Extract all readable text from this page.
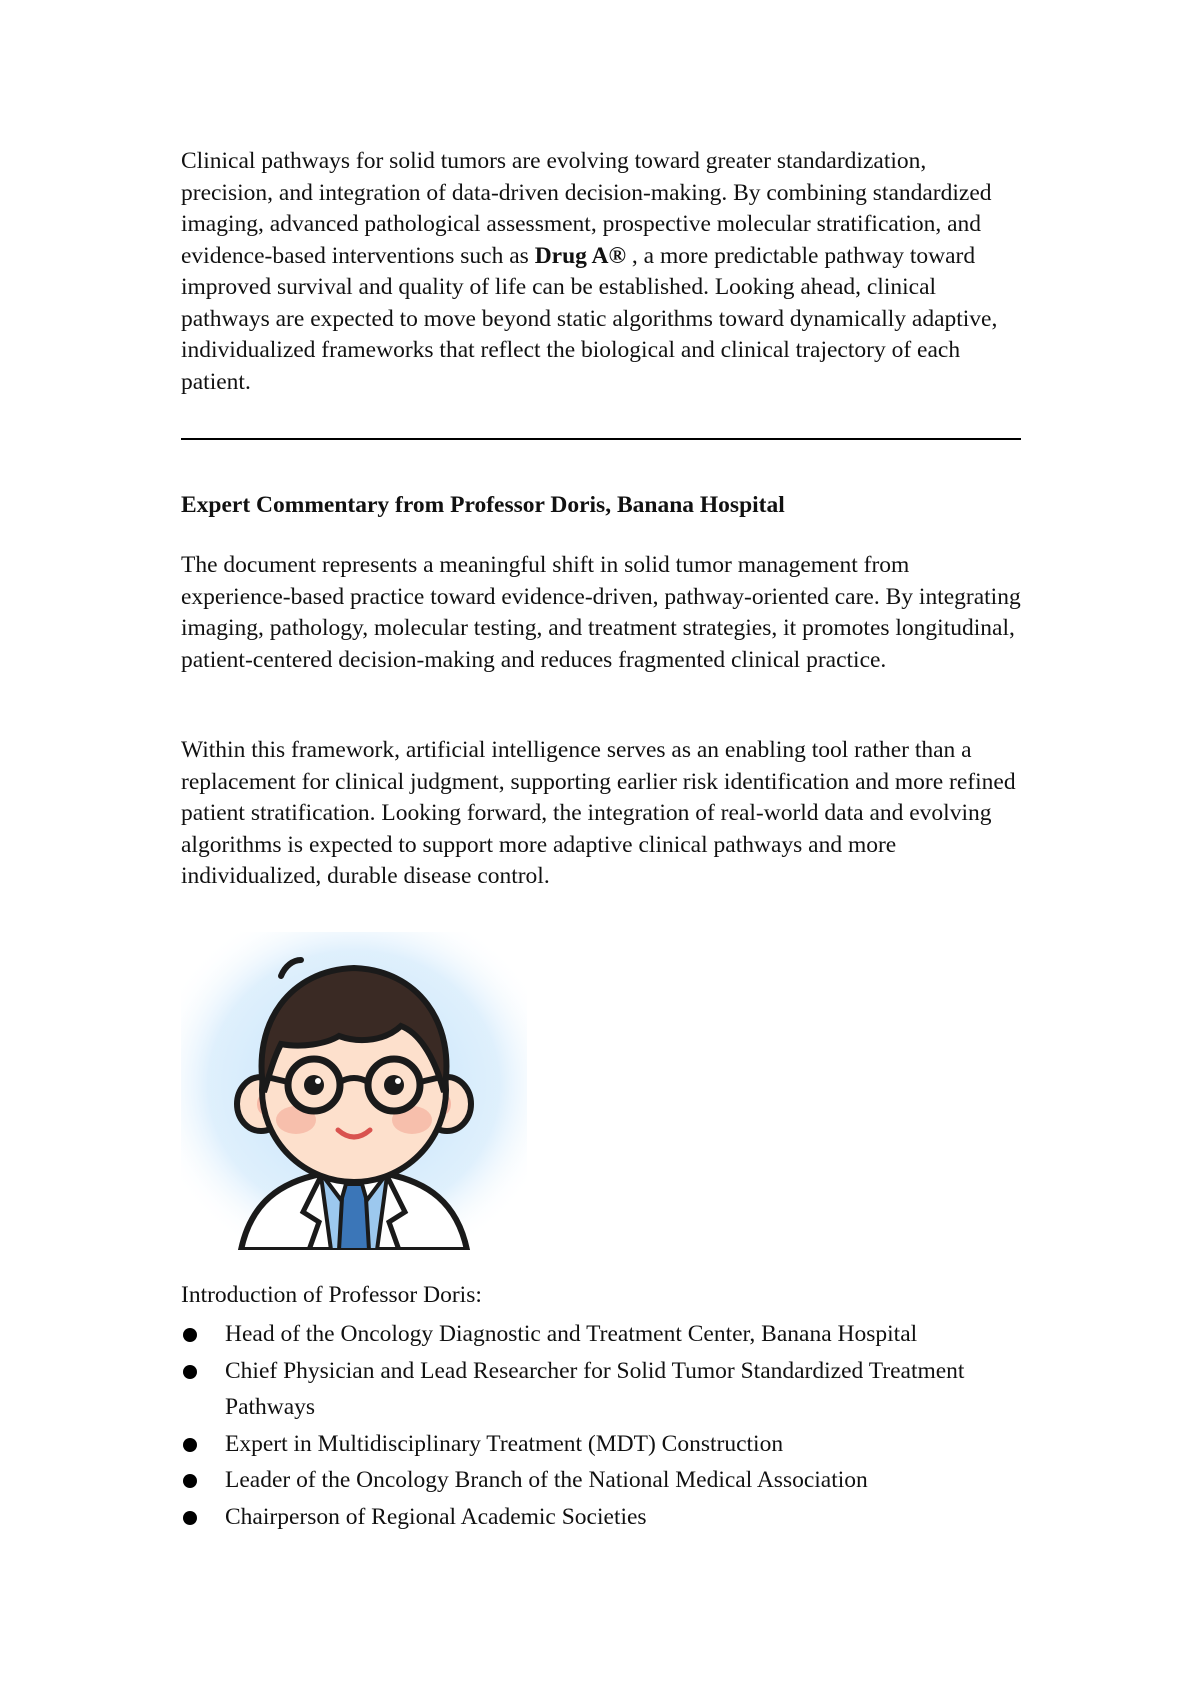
Clinical pathways for solid tumors are evolving toward greater standardization, precision, and integration of data-driven decision-making. By combining standardized imaging, advanced pathological assessment, prospective molecular stratification, and evidence-based interventions such as Drug A® , a more predictable pathway toward improved survival and quality of life can be established. Looking ahead, clinical pathways are expected to move beyond static algorithms toward dynamically adaptive, individualized frameworks that reflect the biological and clinical trajectory of each patient.

Expert Commentary from Professor Doris, Banana Hospital

The document represents a meaningful shift in solid tumor management from experience-based practice toward evidence-driven, pathway-oriented care. By integrating imaging, pathology, molecular testing, and treatment strategies, it promotes longitudinal, patient-centered decision-making and reduces fragmented clinical practice.

Within this framework, artificial intelligence serves as an enabling tool rather than a replacement for clinical judgment, supporting earlier risk identification and more refined patient stratification. Looking forward, the integration of real-world data and evolving algorithms is expected to support more adaptive clinical pathways and more individualized, durable disease control.

Introduction of Professor Doris:

Head of the Oncology Diagnostic and Treatment Center, Banana Hospital
Chief Physician and Lead Researcher for Solid Tumor Standardized Treatment Pathways
Expert in Multidisciplinary Treatment (MDT) Construction
Leader of the Oncology Branch of the National Medical Association
Chairperson of Regional Academic Societies
